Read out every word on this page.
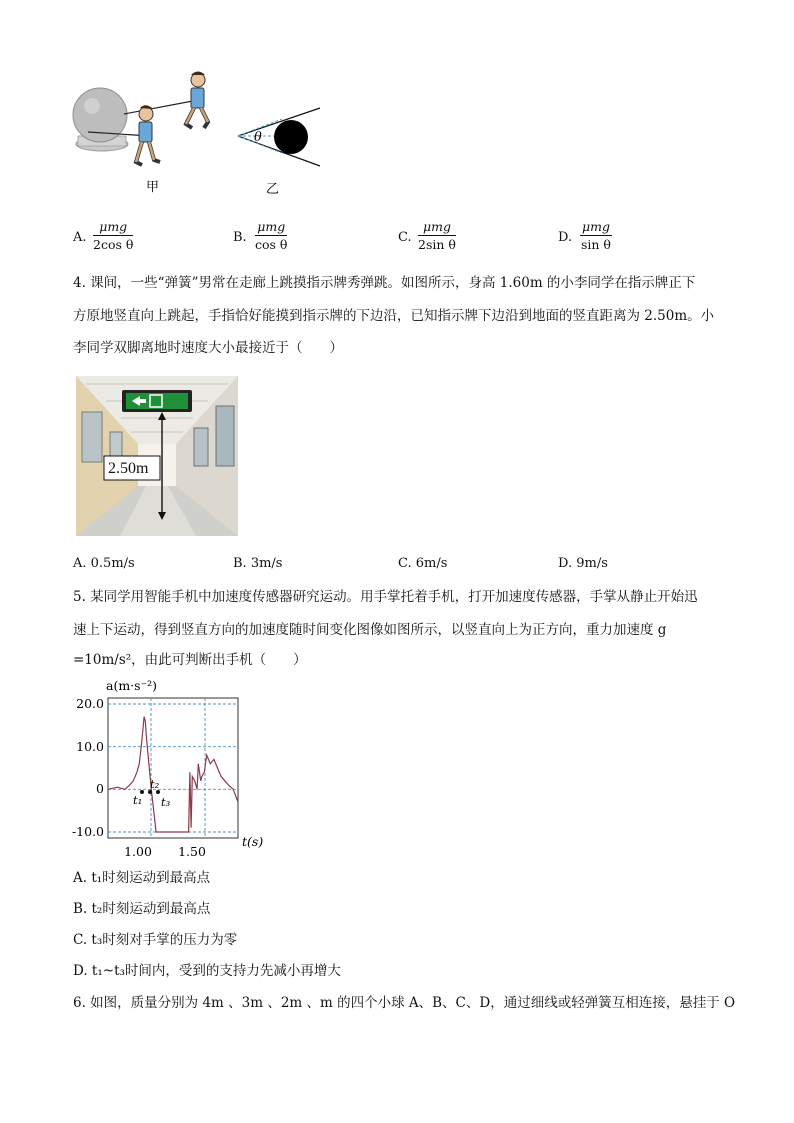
θ
甲	乙
A.
μmg
2cos θ	B.
μmg
cos θ	C.
μmg
2sin θ	D.
μmg
sin θ
4. 课间，一些“弹簧”男常在走廊上跳摸指示牌秀弹跳。如图所示，身高 1.60m 的小李同学在指示牌正下
方原地竖直向上跳起，手指恰好能摸到指示牌的下边沿，已知指示牌下边沿到地面的竖直距离为 2.50m。小
李同学双脚离地时速度大小最接近于（　　）
2.50m
A. 0.5m/s	B. 3m/s	C. 6m/s	D. 9m/s
5. 某同学用智能手机中加速度传感器研究运动。用手掌托着手机，打开加速度传感器，手掌从静止开始迅
速上下运动，得到竖直方向的加速度随时间变化图像如图所示，以竖直向上为正方向，重力加速度 g
=10m/s²，由此可判断出手机（　　）
a(m·s⁻²)
20.0
10.0
0
-10.0
1.00 1.50
t(s)
t₁
t₂
t₃
A. t₁时刻运动到最高点
B. t₂时刻运动到最高点
C. t₃时刻对手掌的压力为零
D. t₁~t₃时间内，受到的支持力先减小再增大
6. 如图，质量分别为 4m 、3m 、2m 、m 的四个小球 A、B、C、D，通过细线或轻弹簧互相连接，悬挂于 O
